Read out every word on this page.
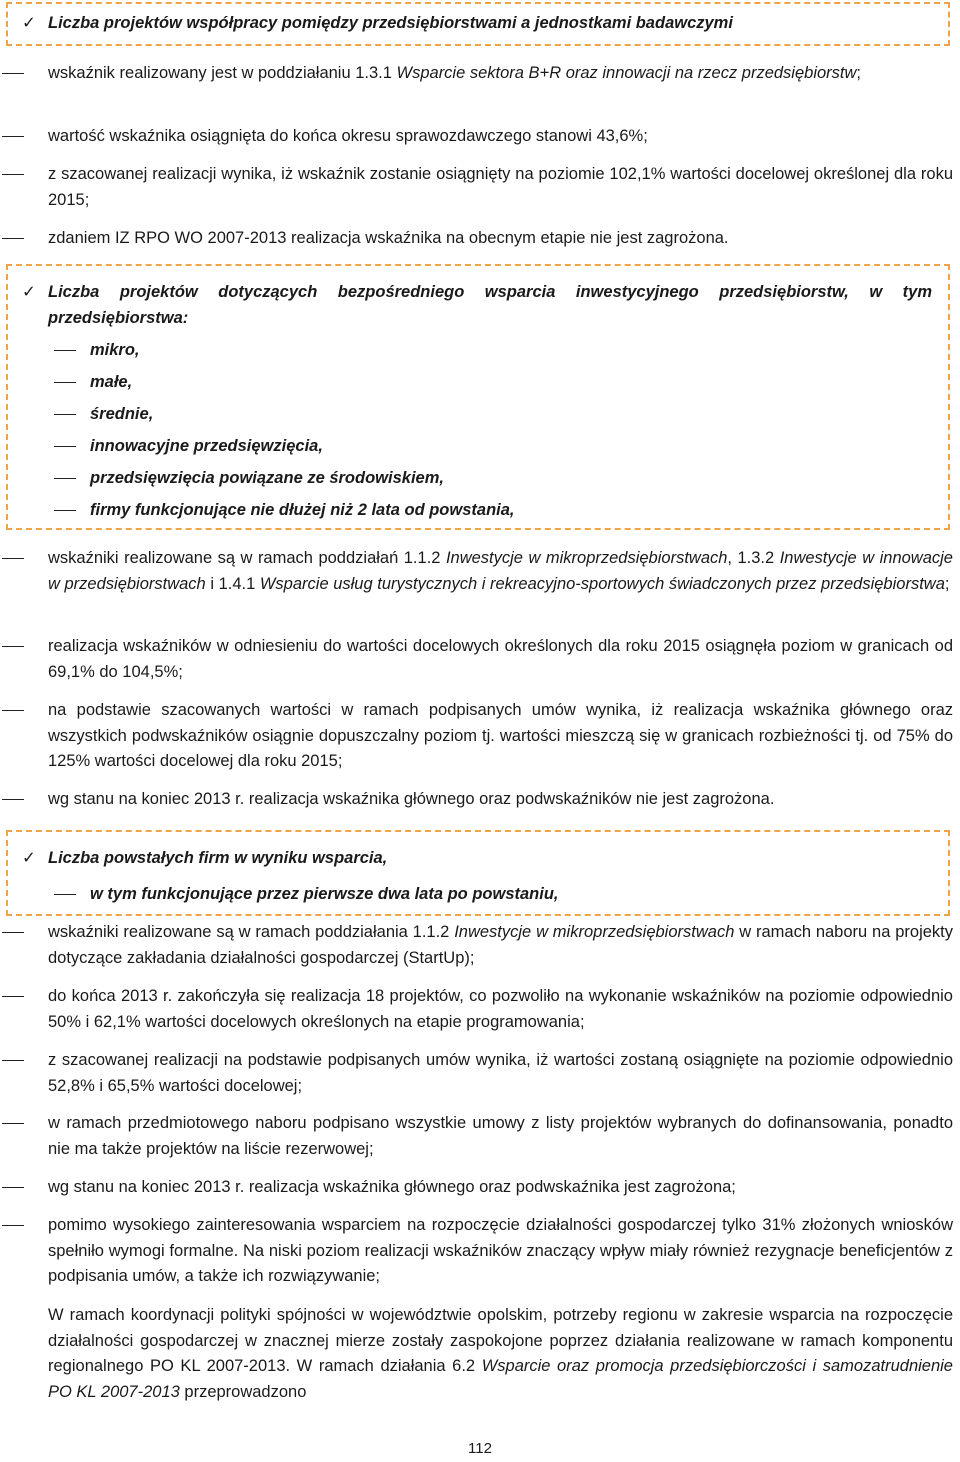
✓ Liczba projektów współpracy pomiędzy przedsiębiorstwami a jednostkami badawczymi
wskaźnik realizowany jest w poddziałaniu 1.3.1 Wsparcie sektora B+R oraz innowacji na rzecz przedsiębiorstw;
wartość wskaźnika osiągnięta do końca okresu sprawozdawczego stanowi 43,6%;
z szacowanej realizacji wynika, iż wskaźnik zostanie osiągnięty na poziomie 102,1% wartości docelowej określonej dla roku 2015;
zdaniem IZ RPO WO 2007-2013 realizacja wskaźnika na obecnym etapie nie jest zagrożona.
✓ Liczba projektów dotyczących bezpośredniego wsparcia inwestycyjnego przedsiębiorstw, w tym przedsiębiorstwa:
mikro,
małe,
średnie,
innowacyjne przedsięwzięcia,
przedsięwzięcia powiązane ze środowiskiem,
firmy funkcjonujące nie dłużej niż 2 lata od powstania,
wskaźniki realizowane są w ramach poddziałań 1.1.2 Inwestycje w mikroprzedsiębiorstwach, 1.3.2 Inwestycje w innowacje w przedsiębiorstwach i 1.4.1 Wsparcie usług turystycznych i rekreacyjno-sportowych świadczonych przez przedsiębiorstwa;
realizacja wskaźników w odniesieniu do wartości docelowych określonych dla roku 2015 osiągnęła poziom w granicach od 69,1% do 104,5%;
na podstawie szacowanych wartości w ramach podpisanych umów wynika, iż realizacja wskaźnika głównego oraz wszystkich podwskaźników osiągnie dopuszczalny poziom tj. wartości mieszczą się w granicach rozbieżności tj. od 75% do 125% wartości docelowej dla roku 2015;
wg stanu na koniec 2013 r. realizacja wskaźnika głównego oraz podwskaźników nie jest zagrożona.
✓ Liczba powstałych firm w wyniku wsparcia,
w tym funkcjonujące przez pierwsze dwa lata po powstaniu,
wskaźniki realizowane są w ramach poddziałania 1.1.2 Inwestycje w mikroprzedsiębiorstwach w ramach naboru na projekty dotyczące zakładania działalności gospodarczej (StartUp);
do końca 2013 r. zakończyła się realizacja 18 projektów, co pozwoliło na wykonanie wskaźników na poziomie odpowiednio 50% i 62,1% wartości docelowych określonych na etapie programowania;
z szacowanej realizacji na podstawie podpisanych umów wynika, iż wartości zostaną osiągnięte na poziomie odpowiednio 52,8% i 65,5% wartości docelowej;
w ramach przedmiotowego naboru podpisano wszystkie umowy z listy projektów wybranych do dofinansowania, ponadto nie ma także projektów na liście rezerwowej;
wg stanu na koniec 2013 r. realizacja wskaźnika głównego oraz podwskaźnika jest zagrożona;
pomimo wysokiego zainteresowania wsparciem na rozpoczęcie działalności gospodarczej tylko 31% złożonych wniosków spełniło wymogi formalne. Na niski poziom realizacji wskaźników znaczący wpływ miały również rezygnacje beneficjentów z podpisania umów, a także ich rozwiązywanie;
W ramach koordynacji polityki spójności w województwie opolskim, potrzeby regionu w zakresie wsparcia na rozpoczęcie działalności gospodarczej w znacznej mierze zostały zaspokojone poprzez działania realizowane w ramach komponentu regionalnego PO KL 2007-2013. W ramach działania 6.2 Wsparcie oraz promocja przedsiębiorczości i samozatrudnienie PO KL 2007-2013 przeprowadzono
112
